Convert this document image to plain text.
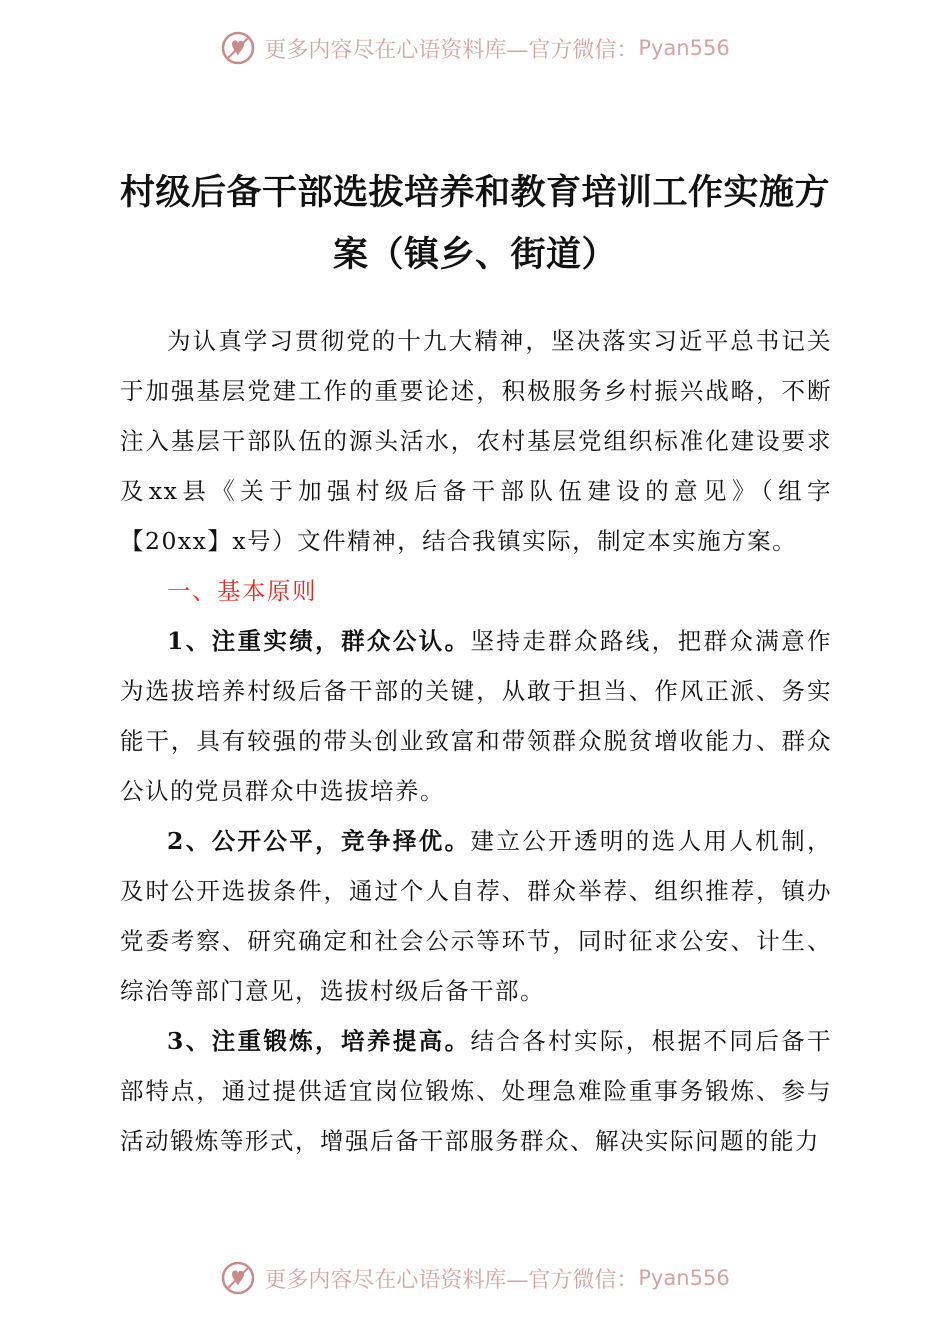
更多内容尽在心语资料库—官方微信： Pyan556
村级后备干部选拔培养和教育培训工作实施方案（镇乡、街道）

为认真学习贯彻党的十九大精神，坚决落实习近平总书记关于加强基层党建工作的重要论述，积极服务乡村振兴战略，不断注入基层干部队伍的源头活水，农村基层党组织标准化建设要求及xx县《关于加强村级后备干部队伍建设的意见》（组字【20xx】x号）文件精神，结合我镇实际，制定本实施方案。

一、基本原则

1、注重实绩，群众公认。坚持走群众路线，把群众满意作为选拔培养村级后备干部的关键，从敢于担当、作风正派、务实能干，具有较强的带头创业致富和带领群众脱贫增收能力、群众公认的党员群众中选拔培养。

2、公开公平，竞争择优。建立公开透明的选人用人机制，及时公开选拔条件，通过个人自荐、群众举荐、组织推荐，镇办党委考察、研究确定和社会公示等环节，同时征求公安、计生、综治等部门意见，选拔村级后备干部。

3、注重锻炼，培养提高。结合各村实际，根据不同后备干部特点，通过提供适宜岗位锻炼、处理急难险重事务锻炼、参与活动锻炼等形式，增强后备干部服务群众、解决实际问题的能力

更多内容尽在心语资料库—官方微信： Pyan556
